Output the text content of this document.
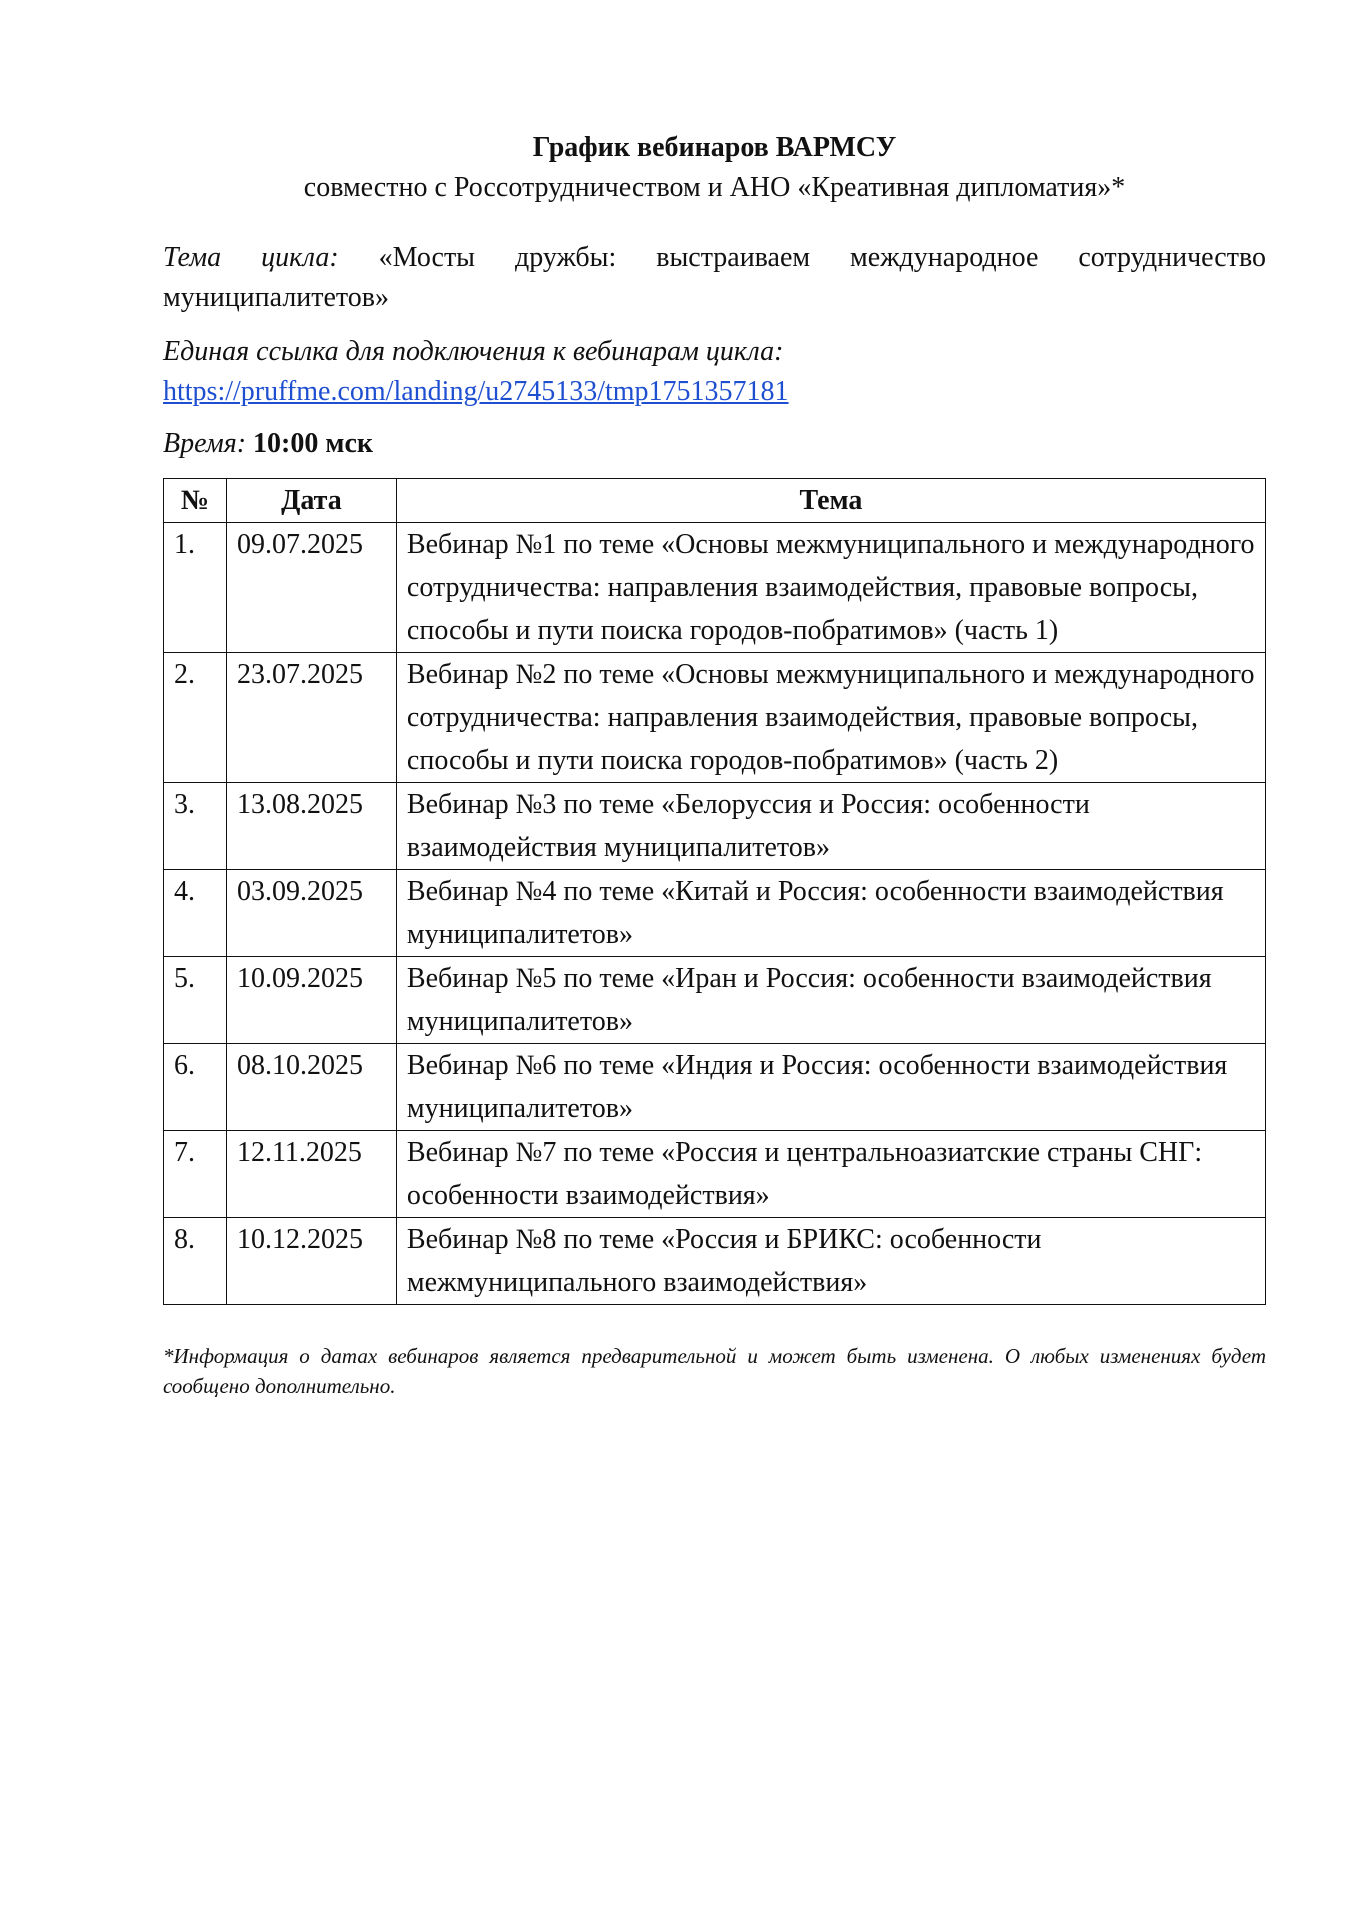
График вебинаров ВАРМСУ

совместно с Россотрудничеством и АНО «Креативная дипломатия»*

Тема цикла: «Мосты дружбы: выстраиваем международное сотрудничество муниципалитетов»
Единая ссылка для подключения к вебинарам цикла:
https://pruffme.com/landing/u2745133/tmp1751357181
Время: 10:00 мск
№	Дата	Тема
1.	09.07.2025	Вебинар №1 по теме «Основы межмуниципального и международного сотрудничества: направления взаимодействия, правовые вопросы, способы и пути поиска городов-побратимов» (часть 1)
2.	23.07.2025	Вебинар №2 по теме «Основы межмуниципального и международного сотрудничества: направления взаимодействия, правовые вопросы, способы и пути поиска городов-побратимов» (часть 2)
3.	13.08.2025	Вебинар №3 по теме «Белоруссия и Россия: особенности взаимодействия муниципалитетов»
4.	03.09.2025	Вебинар №4 по теме «Китай и Россия: особенности взаимодействия муниципалитетов»
5.	10.09.2025	Вебинар №5 по теме «Иран и Россия: особенности взаимодействия муниципалитетов»
6.	08.10.2025	Вебинар №6 по теме «Индия и Россия: особенности взаимодействия муниципалитетов»
7.	12.11.2025	Вебинар №7 по теме «Россия и центральноазиатские страны СНГ: особенности взаимодействия»
8.	10.12.2025	Вебинар №8 по теме «Россия и БРИКС: особенности межмуниципального взаимодействия»
*Информация о датах вебинаров является предварительной и может быть изменена. О любых изменениях будет сообщено дополнительно.
